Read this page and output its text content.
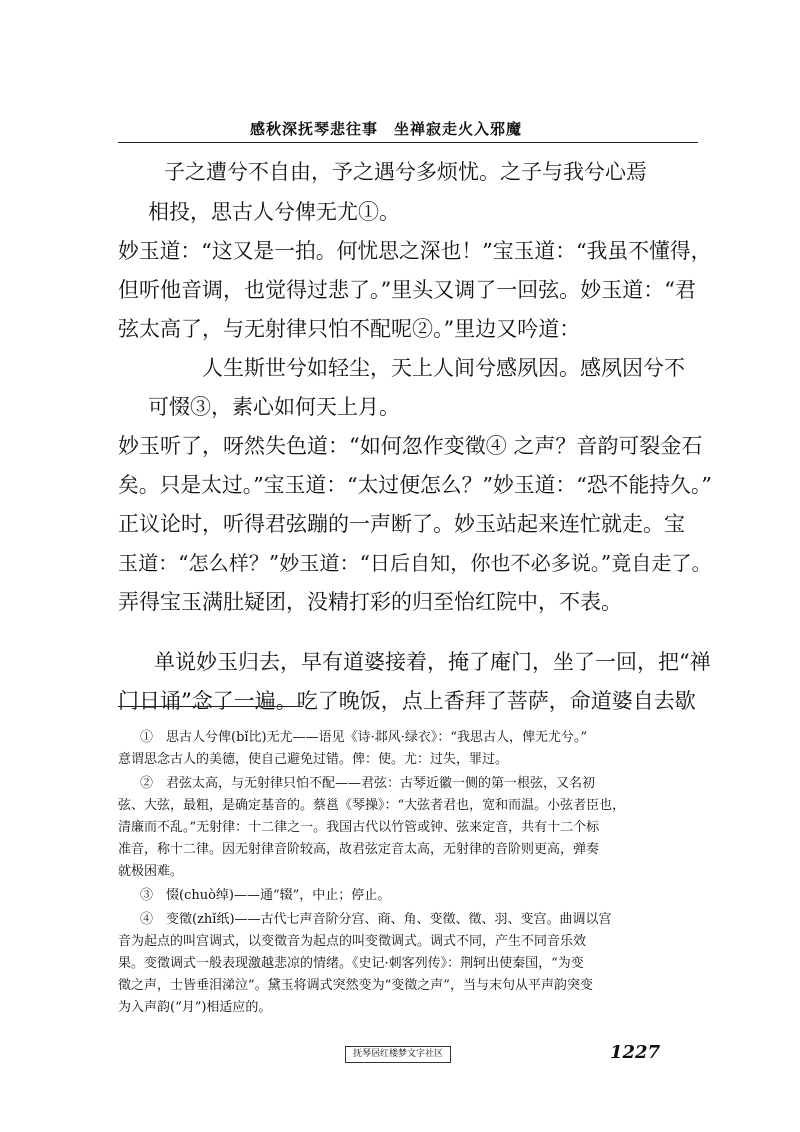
感秋深抚琴悲往事　坐禅寂走火入邪魔
子之遭兮不自由，予之遇兮多烦忧。之子与我兮心焉
相投，思古人兮俾无尤①。
妙玉道：“这又是一拍。何忧思之深也！”宝玉道：“我虽不懂得，
但听他音调，也觉得过悲了。”里头又调了一回弦。妙玉道：“君
弦太高了，与无射律只怕不配呢②。”里边又吟道：
人生斯世兮如轻尘，天上人间兮感夙因。感夙因兮不
可惙③，素心如何天上月。
妙玉听了，呀然失色道：“如何忽作变徵④ 之声？音韵可裂金石
矣。只是太过。”宝玉道：“太过便怎么？”妙玉道：“恐不能持久。”
正议论时，听得君弦蹦的一声断了。妙玉站起来连忙就走。宝
玉道：“怎么样？”妙玉道：“日后自知，你也不必多说。”竟自走了。
弄得宝玉满肚疑团，没精打彩的归至怡红院中，不表。
单说妙玉归去，早有道婆接着，掩了庵门，坐了一回，把“禅
门日诵”念了一遍。吃了晚饭，点上香拜了菩萨，命道婆自去歇
①　思古人兮俾(bǐ比)无尤——语见《诗·邶风·绿衣》：“我思古人，俾无尤兮。”
意谓思念古人的美德，使自己避免过错。俾：使。尤：过失，罪过。
②　君弦太高，与无射律只怕不配——君弦：古琴近徽一侧的第一根弦，又名初
弦、大弦，最粗，是确定基音的。蔡邕《琴操》：“大弦者君也，宽和而温。小弦者臣也，
清廉而不乱。”无射律：十二律之一。我国古代以竹管或钟、弦来定音，共有十二个标
准音，称十二律。因无射律音阶较高，故君弦定音太高，无射律的音阶则更高，弹奏
就极困难。
③　惙(chuò绰)——通“辍”，中止；停止。
④　变徵(zhǐ纸)——古代七声音阶分宫、商、角、变徵、徵、羽、变宫。曲调以宫
音为起点的叫宫调式，以变徵音为起点的叫变徵调式。调式不同，产生不同音乐效
果。变徵调式一般表现激越悲凉的情绪。《史记·刺客列传》：荆轲出使秦国，“为变
徵之声，士皆垂泪涕泣”。黛玉将调式突然变为“变徵之声”，当与末句从平声韵突变
为入声韵(“月”)相适应的。
抚琴居红楼梦文字社区	1227
